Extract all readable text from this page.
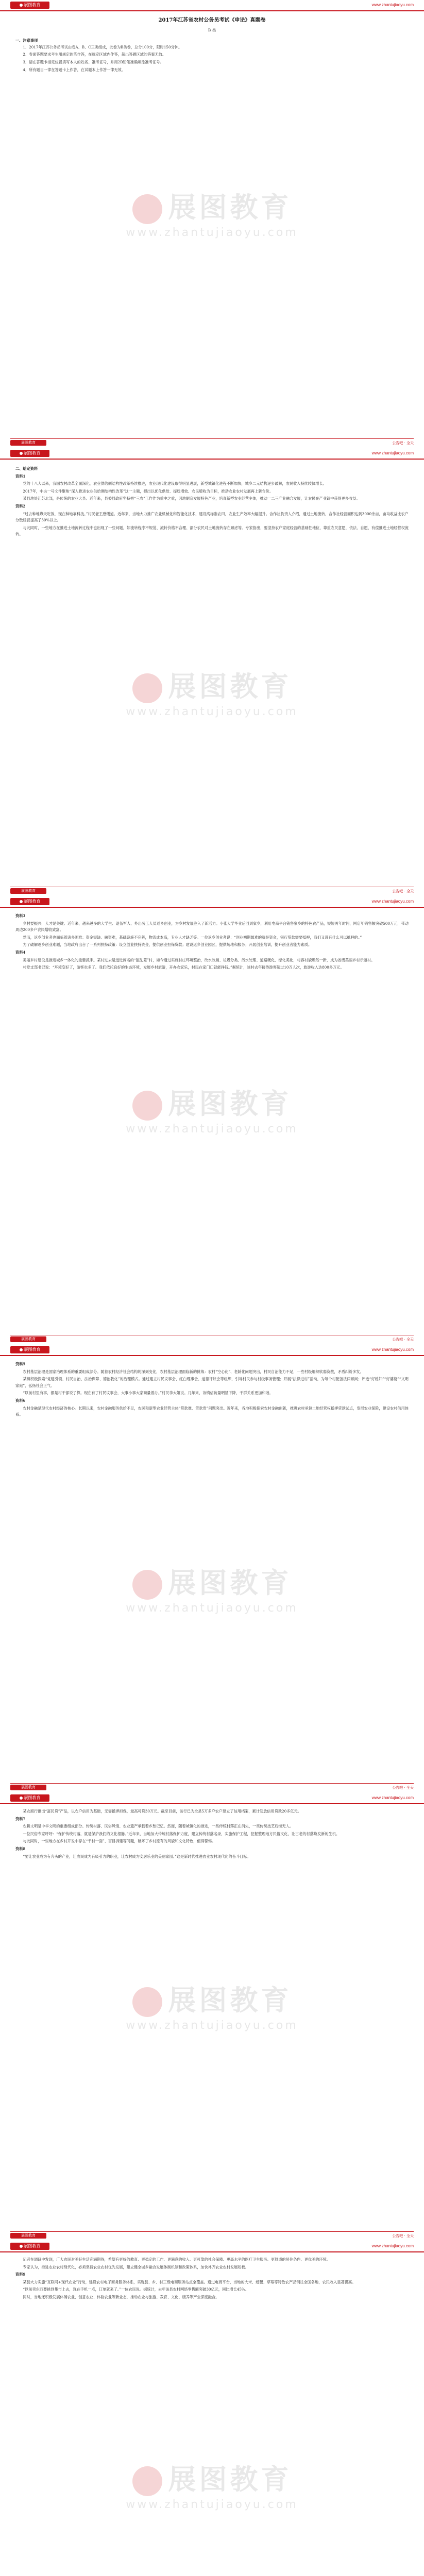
展图教育	www.zhantujiaoyu.com
展图教育
www.zhantujiaoyu.com
2017年江苏省农村公务员考试《申论》真题卷
B 类
一、注意事项
1．2017年江苏公务员考试由卷A、B、C三类组成，此卷为B类卷，总分100分，限时150分钟。
2．卷面答题要求考生用规定的笔作答，在规定区域内作答，超出答题区域的答案无效。
3．请在答题卡指定位置填写本人的姓名、准考证号，并用2B铅笔准确填涂准考证号。
4．所有题目一律在答题卡上作答，在试题本上作答一律无效。
展图教育	公告吧 · 全天
展图教育	www.zhantujiaoyu.com
展图教育
www.zhantujiaoyu.com
二、给定资料
资料1
党的十八大以来，我国农村改革全面深化，农业供给侧结构性改革持续推进，农业现代化建设取得明显进展，新型城镇化进程不断加快，城乡二元结构逐步破解，农民收入持续较快增长。
2017年，中央一号文件聚焦“深入推进农业供给侧结构性改革”这一主题，提出以优化供给、提质增效、农民增收为目标，推动农业农村发展再上新台阶。
某县地处江苏北部，是传统的农业大县。近年来，县委县政府坚持把“三农”工作作为重中之重，因地制宜发展特色产业，培育新型农业经营主体，推动一二三产业融合发展，让农民在产业链中获得更多收益。
资料2
“过去种地靠天吃饭，现在种地靠科技。”村民老王感慨道。近年来，当地大力推广农业机械化和智能化技术，建设高标准农田，农业生产效率大幅提升。合作社负责人介绍，通过土地流转，合作社经营面积达到3000余亩，亩均收益比农户分散经营提高了30%以上。
与此同时，一些地方在推进土地流转过程中也出现了一些问题，如流转程序不规范、流转价格不合理、部分农民对土地流转存在顾虑等。专家指出，要坚持农户家庭经营的基础性地位，尊重农民意愿，依法、自愿、有偿推进土地经营权流转。
展图教育	公告吧 · 全天
展图教育	www.zhantujiaoyu.com
展图教育
www.zhantujiaoyu.com
资料3
乡村要振兴，人才是关键。近年来，越来越多的大学生、退伍军人、外出务工人员返乡创业，为乡村发展注入了新活力。小张大学毕业后回到家乡，利用电商平台销售家乡的特色农产品，短短两年时间，网店年销售额突破500万元，带动周边200多户农民增收致富。
然而，返乡创业者也面临着诸多困难：资金短缺、融资难，基础设施不完善，物流成本高，专业人才缺乏等。一位返乡创业者说：“创业初期最难的就是资金，银行贷款需要抵押，我们又没有什么可以抵押的。”
为了破解返乡创业难题，当地政府出台了一系列扶持政策：设立创业扶持资金，提供创业担保贷款；建设返乡创业园区，提供场地和服务；开展创业培训，提升创业者能力素质。
资料4
美丽乡村建设是推进城乡一体化的重要抓手。某村过去是远近闻名的“脏乱差”村，如今通过实施村庄环境整治，改水改厕、垃圾分类、污水处理、道路硬化、绿化美化，村容村貌焕然一新，成为省级美丽乡村示范村。
村党支部书记说：“环境变好了，游客也多了。我们依托良好的生态环境，发展乡村旅游，开办农家乐，村民在家门口就能挣钱。”据统计，该村去年接待游客超过10万人次，旅游收入达800多万元。
展图教育	公告吧 · 全天
展图教育	www.zhantujiaoyu.com
展图教育
www.zhantujiaoyu.com
资料5
农村基层治理是国家治理体系的重要组成部分。随着农村经济社会结构的深刻变化，农村基层治理面临新的挑战：农村“空心化”、老龄化问题突出，村民自治能力不足，一些村级组织软弱涣散，矛盾纠纷多发。
某镇积极探索“党建引领、村民自治、法治保障、德治教化”的治理模式。通过建立村民议事会、红白理事会、道德评议会等组织，引导村民参与村级事务管理；开展“法律进村”活动，为每个村配备法律顾问；评选“好媳妇”“好婆婆”“文明家庭”，弘扬社会正气。
“以前村里有事，都是村干部说了算。现在有了村民议事会，大事小事大家商量着办。”村民李大姐说。几年来，该镇信访量明显下降，干群关系更加和谐。
资料6
农村金融是现代农村经济的核心。长期以来，农村金融服务供给不足，农民和新型农业经营主体“贷款难、贷款贵”问题突出。近年来，各地积极探索农村金融创新，推进农村承包土地经营权抵押贷款试点，发展农业保险，建设农村信用体系。
展图教育	公告吧 · 全天
展图教育	www.zhantujiaoyu.com
展图教育
www.zhantujiaoyu.com
某农商行推出“富民贷”产品，以农户信用为基础，无需抵押担保，最高可贷30万元。截至目前，该行已为全县5万多户农户建立了信用档案，累计发放信用贷款20多亿元。
资料7
农耕文明是中华文明的重要组成部分。传统村落、民俗风情、农业遗产承载着乡愁记忆。然而，随着城镇化的推进，一些传统村落正在消失，一些传统技艺后继无人。
一位民俗专家呼吁：“保护传统村落，就是保护我们的文化根脉。”近年来，当地加大传统村落保护力度，建立传统村落名录，实施保护工程，挖掘整理地方民俗文化，让古老的村落焕发新的生机。
与此同时，一些地方在乡村开发中存在“千村一面”、盲目拆建等问题，破坏了乡村原有的风貌和文化特色，值得警惕。
资料8
“要让农业成为有奔头的产业，让农民成为有吸引力的职业，让农村成为安居乐业的美丽家园。”这是新时代推进农业农村现代化的奋斗目标。
展图教育	公告吧 · 全天
展图教育	www.zhantujiaoyu.com
展图教育
www.zhantujiaoyu.com
记者在调研中发现，广大农民对美好生活充满期待，希望有更好的教育、更稳定的工作、更满意的收入、更可靠的社会保障、更高水平的医疗卫生服务、更舒适的居住条件、更优美的环境。
专家认为，推进农业农村现代化，必须坚持农业农村优先发展，建立健全城乡融合发展体制机制和政策体系，加快补齐农业农村发展短板。
资料9
某县大力实施“互联网+现代农业”行动，建设农村电子商务服务体系，实现县、乡、村三级电商服务站点全覆盖。通过电商平台，当地的大米、螃蟹、草莓等特色农产品销往全国各地，农民收入显著提高。
“以前卖东西要挑到集市上去，现在手机一点，订单就来了。”一位农民说。据统计，去年该县农村网络零售额突破30亿元，同比增长45%。
同时，当地还积极发展休闲农业、创意农业、体验农业等新业态，推动农业与旅游、教育、文化、康养等产业深度融合。
